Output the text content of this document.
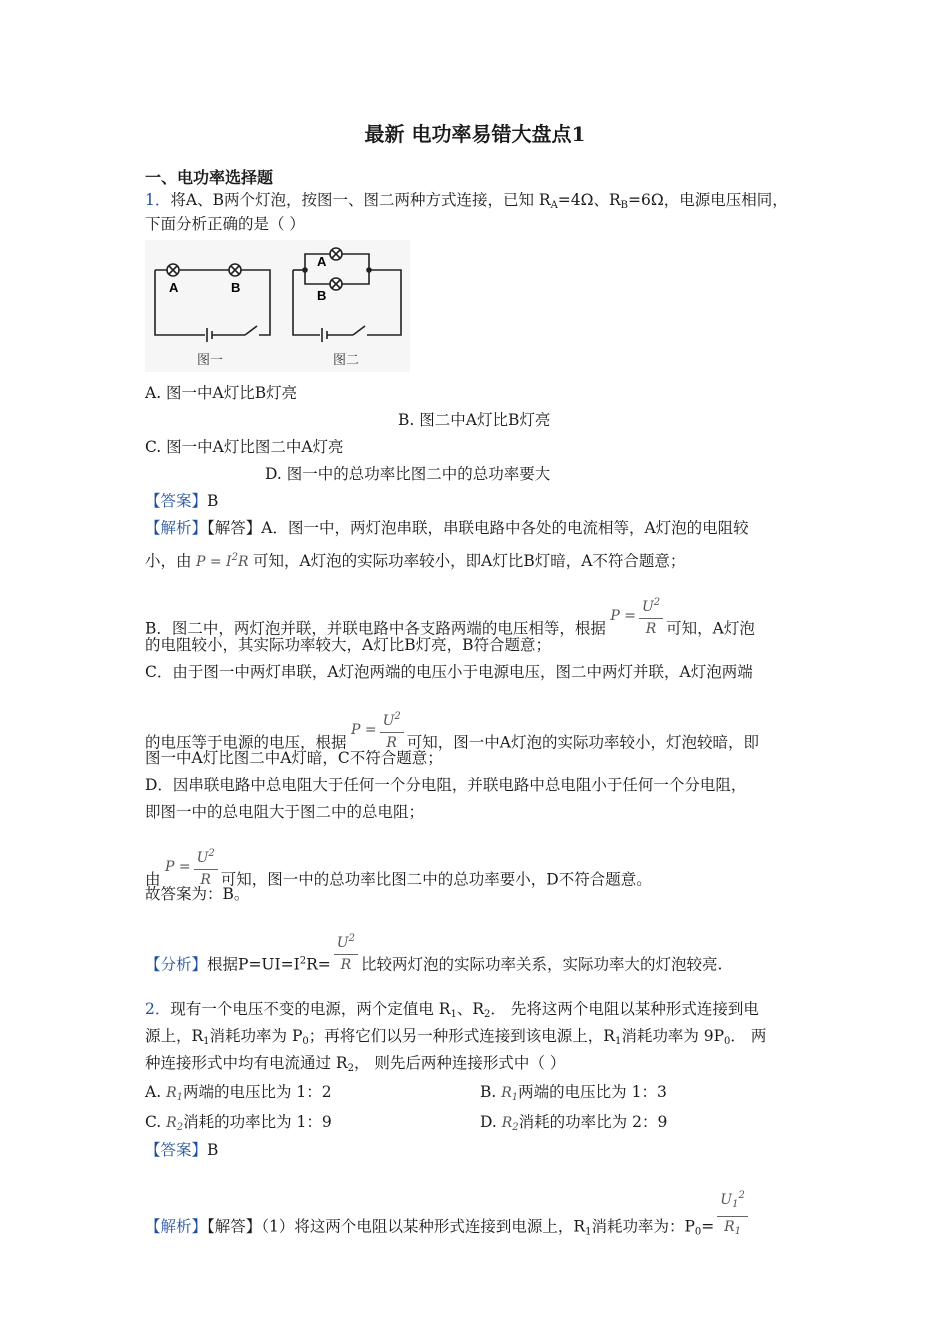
最新 电功率易错大盘点1
一、电功率选择题
1．将A、B两个灯泡，按图一、图二两种方式连接，已知 $R_A=4\Omega$、$R_B=6\Omega$，电源电压相同，
下面分析正确的是（ ）
A	B
图一
A
B
图二
A. 图一中A灯比B灯亮
B. 图二中A灯比B灯亮
C. 图一中A灯比图二中A灯亮
D. 图一中的总功率比图二中的总功率要大
【答案】B
【解析】【解答】A．图一中，两灯泡串联，串联电路中各处的电流相等，A灯泡的电阻较
小，由 $P = I^2R$ 可知，A灯泡的实际功率较小，即A灯比B灯暗，A不符合题意；
B．图二中，两灯泡并联，并联电路中各支路两端的电压相等，根据 $P = \frac{U^2}{R}$ 可知，A灯泡
的电阻较小，其实际功率较大，A灯比B灯亮，B符合题意；
C．由于图一中两灯串联，A灯泡两端的电压小于电源电压，图二中两灯并联，A灯泡两端
的电压等于电源的电压，根据 $P = \frac{U^2}{R}$ 可知，图一中A灯泡的实际功率较小，灯泡较暗，即
图一中A灯比图二中A灯暗，C不符合题意；
D．因串联电路中总电阻大于任何一个分电阻，并联电路中总电阻小于任何一个分电阻，
即图一中的总电阻大于图二中的总电阻；
由 $P = \frac{U^2}{R}$ 可知，图一中的总功率比图二中的总功率要小，D不符合题意。
故答案为：B。
【分析】根据$P=UI=I^2R= \frac{U^2}{R}$ 比较两灯泡的实际功率关系，实际功率大的灯泡较亮.
2．现有一个电压不变的电源，两个定值电 $R_1$、$R_2$． 先将这两个电阻以某种形式连接到电
源上，$R_1$消耗功率为 $P_0$；再将它们以另一种形式连接到该电源上，$R_1$消耗功率为 $9P_0$． 两
种连接形式中均有电流通过 $R_2$， 则先后两种连接形式中（ ）
A. $R_1$两端的电压比为 1：2	B. $R_1$两端的电压比为 1：3
C. $R_2$消耗的功率比为 1：9	D. $R_2$消耗的功率比为 2：9
【答案】B
【解析】【解答】（1）将这两个电阻以某种形式连接到电源上，$R_1$消耗功率为：$P_0= \frac{U_1^2}{R_1}$
